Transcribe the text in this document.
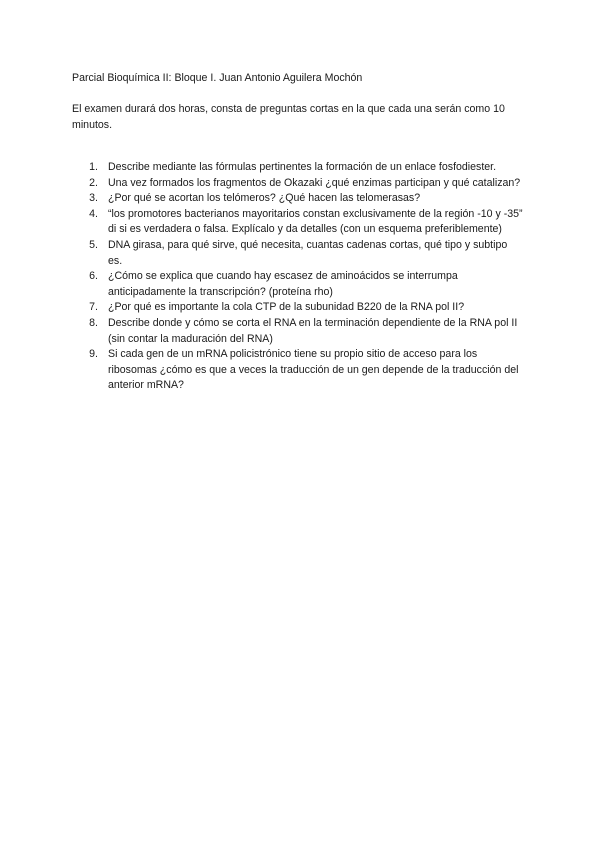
Parcial Bioquímica II: Bloque I. Juan Antonio Aguilera Mochón
El examen durará dos horas, consta de preguntas cortas en la que cada una serán como 10 minutos.
1. Describe mediante las fórmulas pertinentes la formación de un enlace fosfodiester.
2. Una vez formados los fragmentos de Okazaki ¿qué enzimas participan y qué catalizan?
3. ¿Por qué se acortan los telómeros? ¿Qué hacen las telomerasas?
4. “los promotores bacterianos mayoritarios constan exclusivamente de la región -10 y -35” di si es verdadera o falsa. Explícalo y da detalles (con un esquema preferiblemente)
5. DNA girasa, para qué sirve, qué necesita, cuantas cadenas cortas, qué tipo y subtipo es.
6. ¿Cómo se explica que cuando hay escasez de aminoácidos se interrumpa anticipadamente la transcripción? (proteína rho)
7. ¿Por qué es importante la cola CTP de la subunidad B220 de la RNA pol II?
8. Describe donde y cómo se corta el RNA en la terminación dependiente de la RNA pol II (sin contar la maduración del RNA)
9. Si cada gen de un mRNA policistrónico tiene su propio sitio de acceso para los ribosomas ¿cómo es que a veces la traducción de un gen depende de la traducción del anterior mRNA?
